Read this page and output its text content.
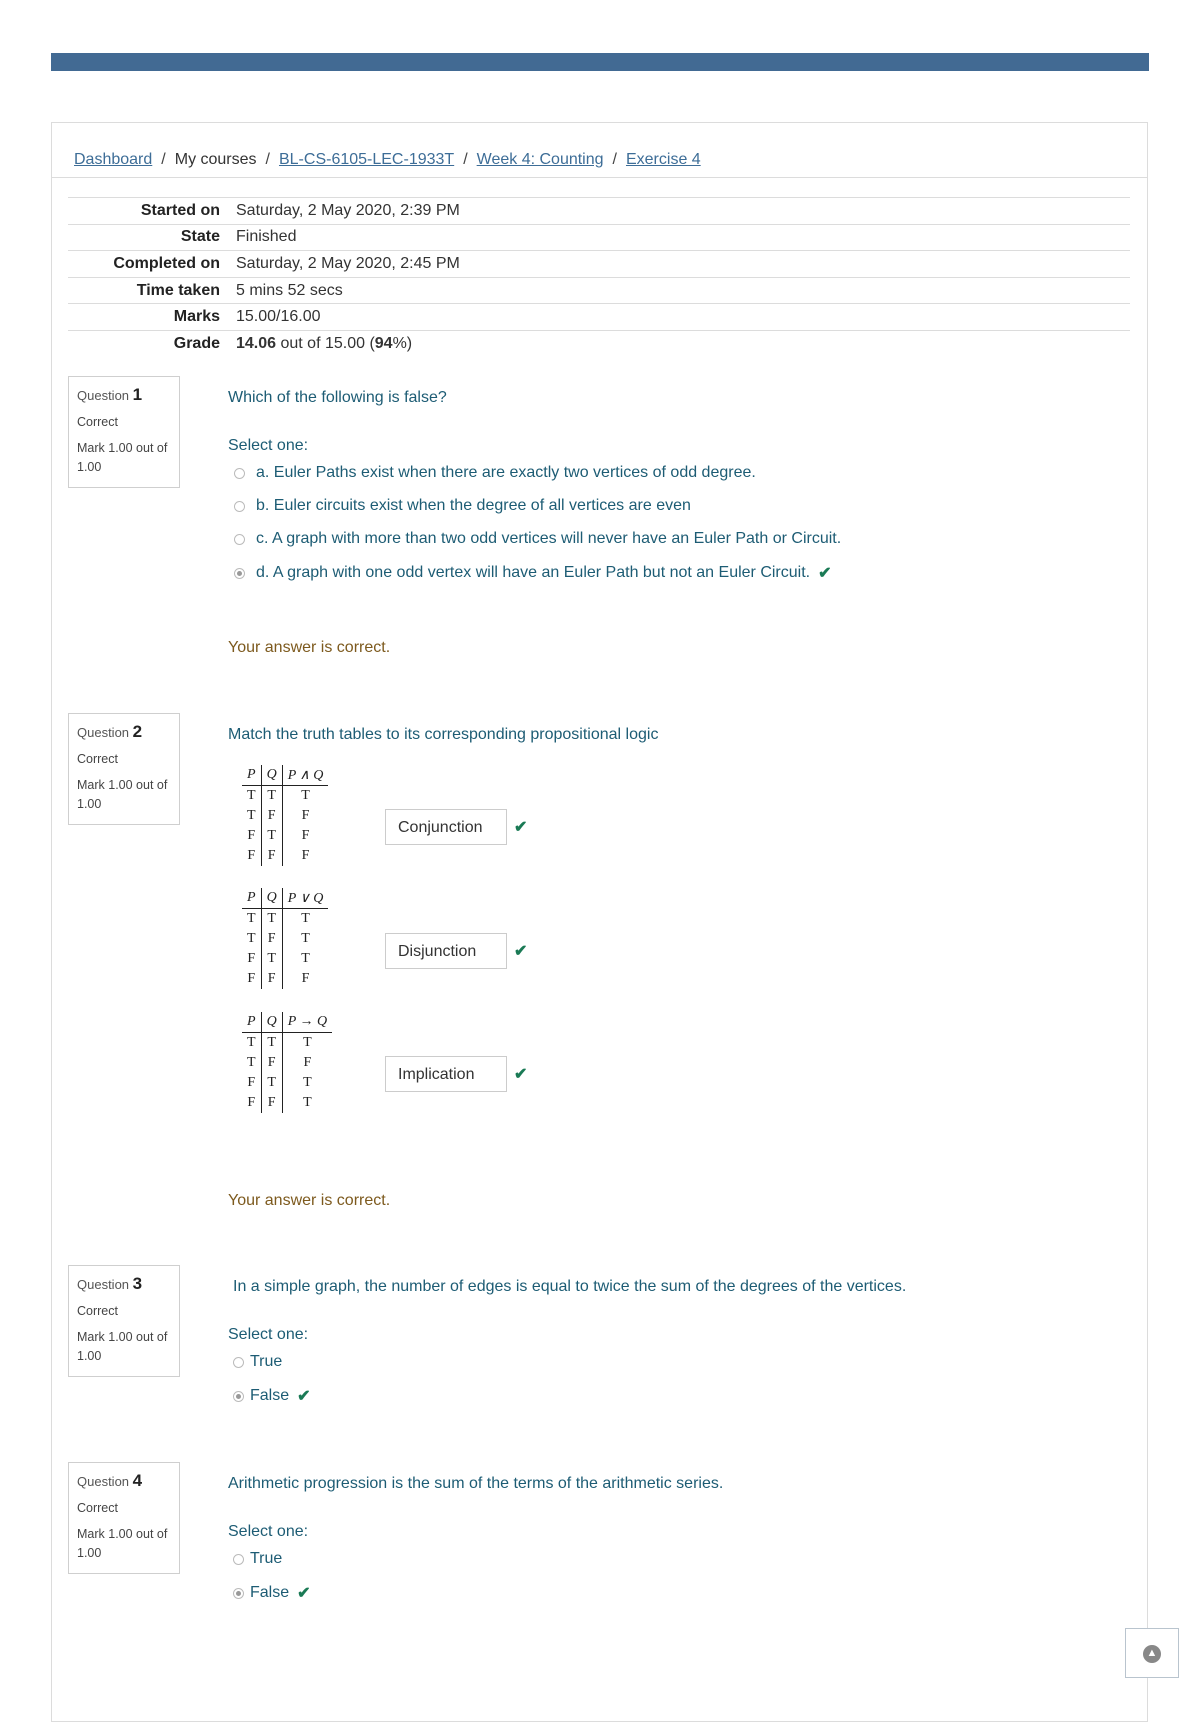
Dashboard / My courses / BL-CS-6105-LEC-1933T / Week 4: Counting / Exercise 4
Started on	Saturday, 2 May 2020, 2:39 PM
State	Finished
Completed on	Saturday, 2 May 2020, 2:45 PM
Time taken	5 mins 52 secs
Marks	15.00/16.00
Grade	14.06 out of 15.00 (94%)
Question 1
Correct
Mark 1.00 out of 1.00
Which of the following is false?
Select one:
a. Euler Paths exist when there are exactly two vertices of odd degree.
b. Euler circuits exist when the degree of all vertices are even
c. A graph with more than two odd vertices will never have an Euler Path or Circuit.
d. A graph with one odd vertex will have an Euler Path but not an Euler Circuit. ✔
Your answer is correct.
Question 2
Correct
Mark 1.00 out of 1.00
Match the truth tables to its corresponding propositional logic
P	Q	P ∧ Q
T	T	T
T	F	F
F	T	F
F	F	F
Conjunction	✔
P	Q	P ∨ Q
T	T	T
T	F	T
F	T	T
F	F	F
Disjunction	✔
P	Q	P → Q
T	T	T
T	F	F
F	T	T
F	F	T
Implication	✔
Your answer is correct.
Question 3
Correct
Mark 1.00 out of 1.00
In a simple graph, the number of edges is equal to twice the sum of the degrees of the vertices.
Select one:
True
False ✔
Question 4
Correct
Mark 1.00 out of 1.00
Arithmetic progression is the sum of the terms of the arithmetic series.
Select one:
True
False ✔
▲
